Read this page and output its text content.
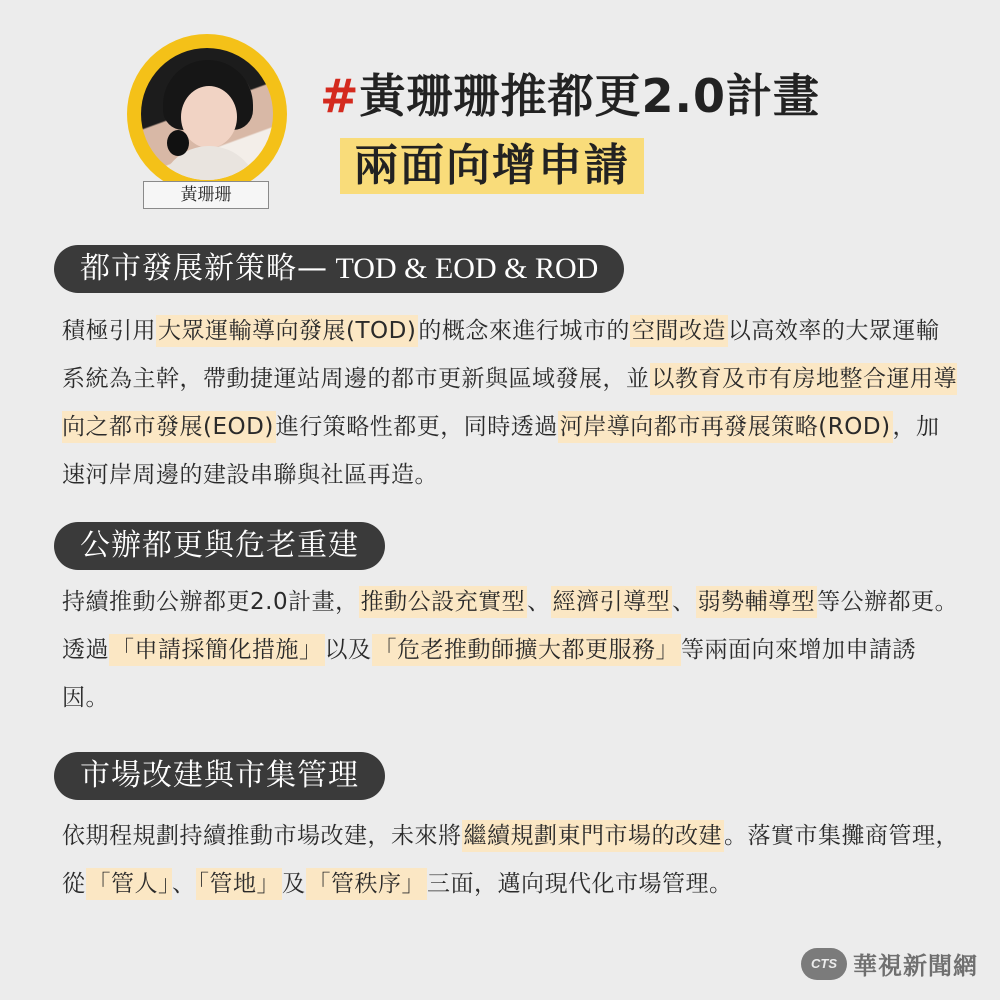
黃珊珊
#黃珊珊推都更2.0計畫
兩面向增申請
都市發展新策略— TOD & EOD & ROD
積極引用大眾運輸導向發展(TOD)的概念來進行城市的空間改造以高效率的大眾運輸系統為主幹，帶動捷運站周邊的都市更新與區域發展，並以教育及市有房地整合運用導向之都市發展(EOD)進行策略性都更，同時透過河岸導向都市再發展策略(ROD)，加速河岸周邊的建設串聯與社區再造。
公辦都更與危老重建
持續推動公辦都更2.0計畫，推動公設充實型、經濟引導型、弱勢輔導型等公辦都更。透過「申請採簡化措施」以及「危老推動師擴大都更服務」等兩面向來增加申請誘因。
市場改建與市集管理
依期程規劃持續推動市場改建，未來將繼續規劃東門市場的改建。落實市集攤商管理，從「管人」、「管地」及「管秩序」三面，邁向現代化市場管理。
CTS 華視新聞網
